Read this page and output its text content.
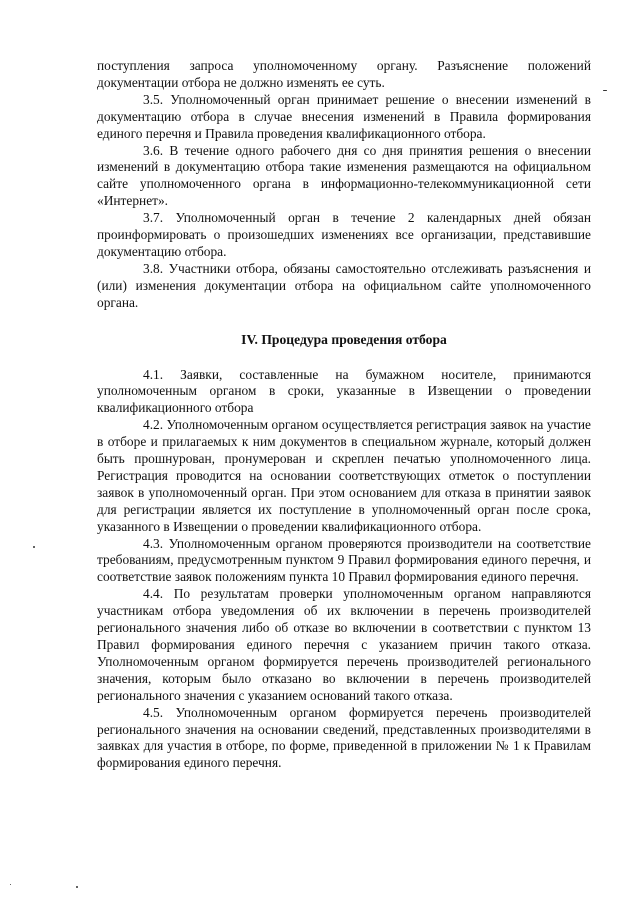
поступления запроса уполномоченному органу. Разъяснение положений документации отбора не должно изменять ее суть.

3.5. Уполномоченный орган принимает решение о внесении изменений в документацию отбора в случае внесения изменений в Правила формирования единого перечня и Правила проведения квалификационного отбора.

3.6. В течение одного рабочего дня со дня принятия решения о внесении изменений в документацию отбора такие изменения размещаются на официальном сайте уполномоченного органа в информационно-телекоммуникационной сети «Интернет».

3.7. Уполномоченный орган в течение 2 календарных дней обязан проинформировать о произошедших изменениях все организации, представившие документацию отбора.

3.8. Участники отбора, обязаны самостоятельно отслеживать разъяснения и (или) изменения документации отбора на официальном сайте уполномоченного органа.

IV. Процедура проведения отбора

4.1. Заявки, составленные на бумажном носителе, принимаются уполномоченным органом в сроки, указанные в Извещении о проведении квалификационного отбора

4.2. Уполномоченным органом осуществляется регистрация заявок на участие в отборе и прилагаемых к ним документов в специальном журнале, который должен быть прошнурован, пронумерован и скреплен печатью уполномоченного лица. Регистрация проводится на основании соответствующих отметок о поступлении заявок в уполномоченный орган. При этом основанием для отказа в принятии заявок для регистрации является их поступление в уполномоченный орган после срока, указанного в Извещении о проведении квалификационного отбора.

4.3. Уполномоченным органом проверяются производители на соответствие требованиям, предусмотренным пунктом 9 Правил формирования единого перечня, и соответствие заявок положениям пункта 10 Правил формирования единого перечня.

4.4. По результатам проверки уполномоченным органом направляются участникам отбора уведомления об их включении в перечень производителей регионального значения либо об отказе во включении в соответствии с пунктом 13 Правил формирования единого перечня с указанием причин такого отказа. Уполномоченным органом формируется перечень производителей регионального значения, которым было отказано во включении в перечень производителей регионального значения с указанием оснований такого отказа.

4.5. Уполномоченным органом формируется перечень производителей регионального значения на основании сведений, представленных производителями в заявках для участия в отборе, по форме, приведенной в приложении № 1 к Правилам формирования единого перечня.
